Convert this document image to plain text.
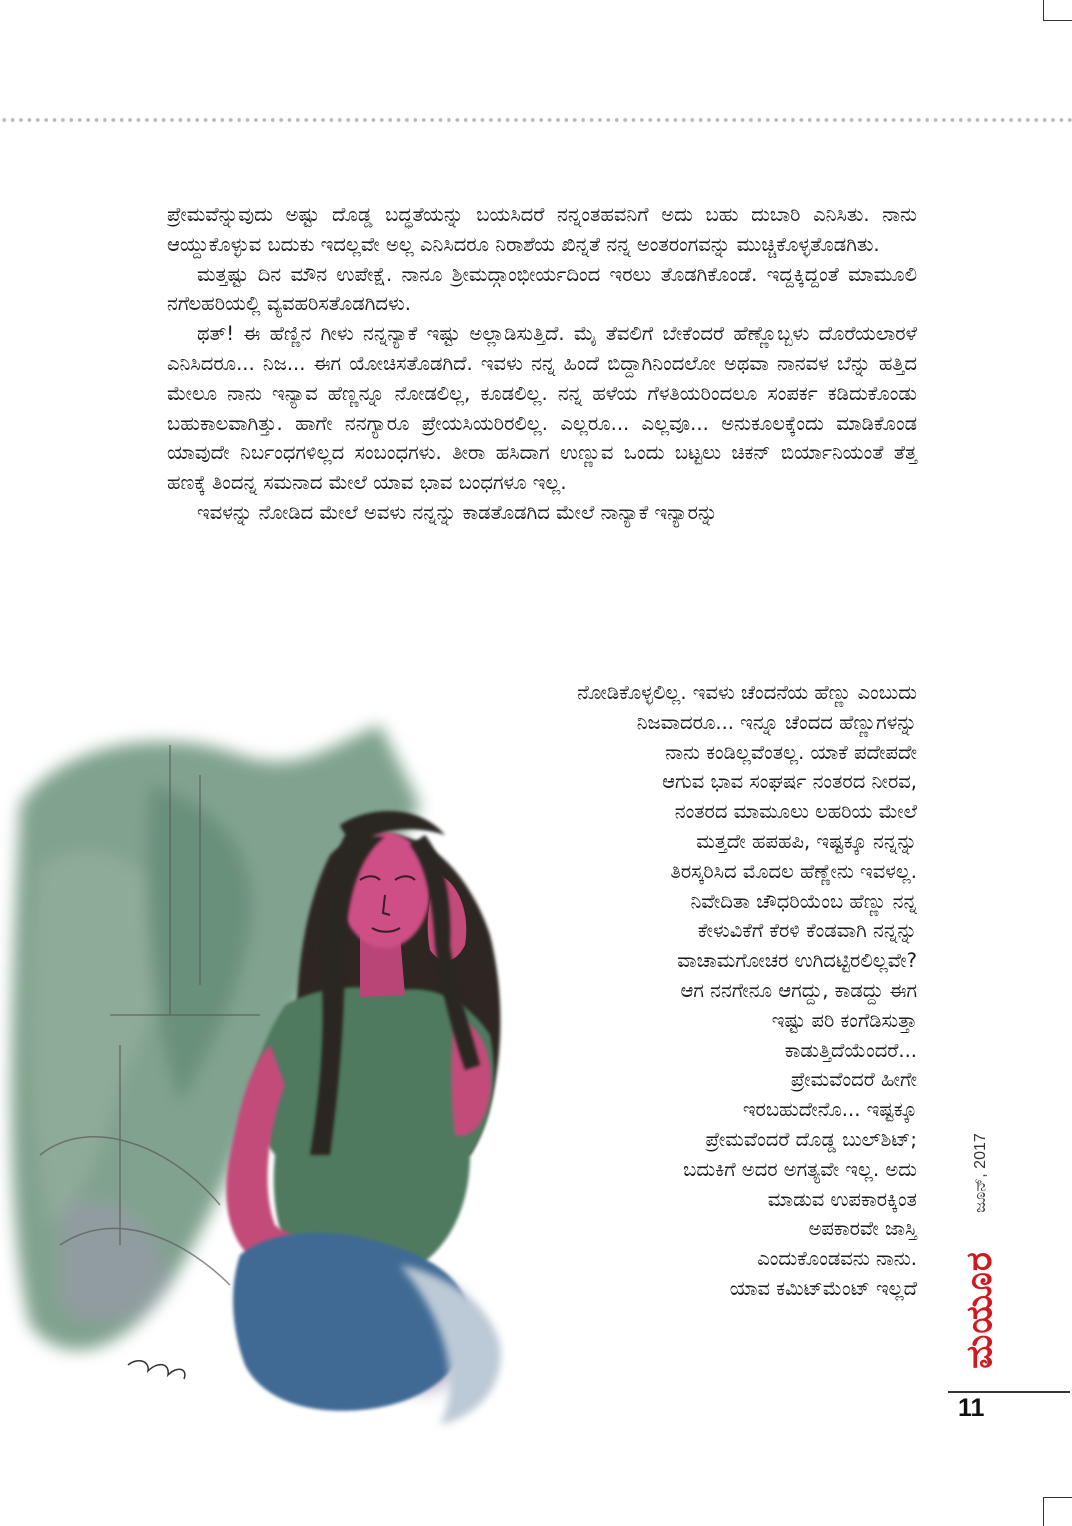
ಪ್ರೇಮವೆನ್ನುವುದು ಅಷ್ಟು ದೊಡ್ಡ ಬದ್ಧತೆಯನ್ನು ಬಯಸಿದರೆ ನನ್ನಂತಹವನಿಗೆ ಅದು ಬಹು ದುಬಾರಿ ಎನಿಸಿತು. ನಾನು ಆಯ್ದುಕೊಳ್ಳುವ ಬದುಕು ಇದಲ್ಲವೇ ಅಲ್ಲ ಎನಿಸಿದರೂ ನಿರಾಶೆಯ ಖಿನ್ನತೆ ನನ್ನ ಅಂತರಂಗವನ್ನು ಮುಚ್ಚಿಕೊಳ್ಳತೊಡಗಿತು.

ಮತ್ತಷ್ಟು ದಿನ ಮೌನ ಉಪೇಕ್ಷೆ. ನಾನೂ ಶ್ರೀಮದ್ಗಾಂಭೀರ್ಯದಿಂದ ಇರಲು ತೊಡಗಿಕೊಂಡೆ. ಇದ್ದಕ್ಕಿದ್ದಂತೆ ಮಾಮೂಲಿ ನಗೆಲಹರಿಯಲ್ಲಿ ವ್ಯವಹರಿಸತೊಡಗಿದಳು.

ಥತ್! ಈ ಹೆಣ್ಣಿನ ಗೀಳು ನನ್ನನ್ಯಾಕೆ ಇಷ್ಟು ಅಲ್ಲಾಡಿಸುತ್ತಿದೆ. ಮೈ ತೆವಲಿಗೆ ಬೇಕೆಂದರೆ ಹೆಣ್ಣೊಬ್ಬಳು ದೊರೆಯಲಾರಳೆ ಎನಿಸಿದರೂ... ನಿಜ... ಈಗ ಯೋಚಿಸತೊಡಗಿದೆ. ಇವಳು ನನ್ನ ಹಿಂದೆ ಬಿದ್ದಾಗಿನಿಂದಲೋ ಅಥವಾ ನಾನವಳ ಬೆನ್ನು ಹತ್ತಿದ ಮೇಲೂ ನಾನು ಇನ್ಯಾವ ಹೆಣ್ಣನ್ನೂ ನೋಡಲಿಲ್ಲ, ಕೂಡಲಿಲ್ಲ. ನನ್ನ ಹಳೆಯ ಗೆಳತಿಯರಿಂದಲೂ ಸಂಪರ್ಕ ಕಡಿದುಕೊಂಡು ಬಹುಕಾಲವಾಗಿತ್ತು. ಹಾಗೇ ನನಗ್ಯಾರೂ ಪ್ರೇಯಸಿಯರಿರಲಿಲ್ಲ. ಎಲ್ಲರೂ... ಎಲ್ಲವೂ... ಅನುಕೂಲಕ್ಕೆಂದು ಮಾಡಿಕೊಂಡ ಯಾವುದೇ ನಿರ್ಬಂಧಗಳಿಲ್ಲದ ಸಂಬಂಧಗಳು. ತೀರಾ ಹಸಿದಾಗ ಉಣ್ಣುವ ಒಂದು ಬಟ್ಟಲು ಚಿಕನ್ ಬಿರ್ಯಾನಿಯಂತೆ ತೆತ್ತ ಹಣಕ್ಕೆ ತಿಂದನ್ನ ಸಮನಾದ ಮೇಲೆ ಯಾವ ಭಾವ ಬಂಧಗಳೂ ಇಲ್ಲ.

ಇವಳನ್ನು ನೋಡಿದ ಮೇಲೆ ಅವಳು ನನ್ನನ್ನು ಕಾಡತೊಡಗಿದ ಮೇಲೆ ನಾನ್ಯಾಕೆ ಇನ್ಯಾರನ್ನು

ನೋಡಿಕೊಳ್ಳಲಿಲ್ಲ. ಇವಳು ಚೆಂದನೆಯ ಹೆಣ್ಣು ಎಂಬುದು
ನಿಜವಾದರೂ... ಇನ್ನೂ ಚೆಂದದ ಹೆಣ್ಣುಗಳನ್ನು
ನಾನು ಕಂಡಿಲ್ಲವೆಂತಲ್ಲ. ಯಾಕೆ ಪದೇಪದೇ
ಆಗುವ ಭಾವ ಸಂಘರ್ಷ ನಂತರದ ನೀರವ,
ನಂತರದ ಮಾಮೂಲು ಲಹರಿಯ ಮೇಲೆ
ಮತ್ತದೇ ಹಪಹಪಿ, ಇಷ್ಟಕ್ಕೂ ನನ್ನನ್ನು
ತಿರಸ್ಕರಿಸಿದ ಮೊದಲ ಹೆಣ್ಣೇನು ಇವಳಲ್ಲ.
ನಿವೇದಿತಾ ಚೌಧರಿಯೆಂಬ ಹೆಣ್ಣು ನನ್ನ
ಕೇಳುವಿಕೆಗೆ ಕೆರಳಿ ಕೆಂಡವಾಗಿ ನನ್ನನ್ನು
ವಾಚಾಮಗೋಚರ ಉಗಿದಟ್ಟಿರಲಿಲ್ಲವೇ?
ಆಗ ನನಗೇನೂ ಆಗದ್ದು, ಕಾಡದ್ದು ಈಗ
ಇಷ್ಟು ಪರಿ ಕಂಗೆಡಿಸುತ್ತಾ
ಕಾಡುತ್ತಿದೆಯೆಂದರೆ...
ಪ್ರೇಮವೆಂದರೆ ಹೀಗೇ
ಇರಬಹುದೇನೊ... ಇಷ್ಟಕ್ಕೂ
ಪ್ರೇಮವೆಂದರೆ ದೊಡ್ಡ ಬುಲ್‌ಶಿಟ್;
ಬದುಕಿಗೆ ಅದರ ಅಗತ್ಯವೇ ಇಲ್ಲ. ಅದು
ಮಾಡುವ ಉಪಕಾರಕ್ಕಿಂತ
ಅಪಕಾರವೇ ಜಾಸ್ತಿ
ಎಂದುಕೊಂಡವನು ನಾನು.
ಯಾವ ಕಮಿಟ್‌ಮೆಂಟ್ ಇಲ್ಲದೆ
ಜೂನ್, 2017
ಮಯೂರ
11
